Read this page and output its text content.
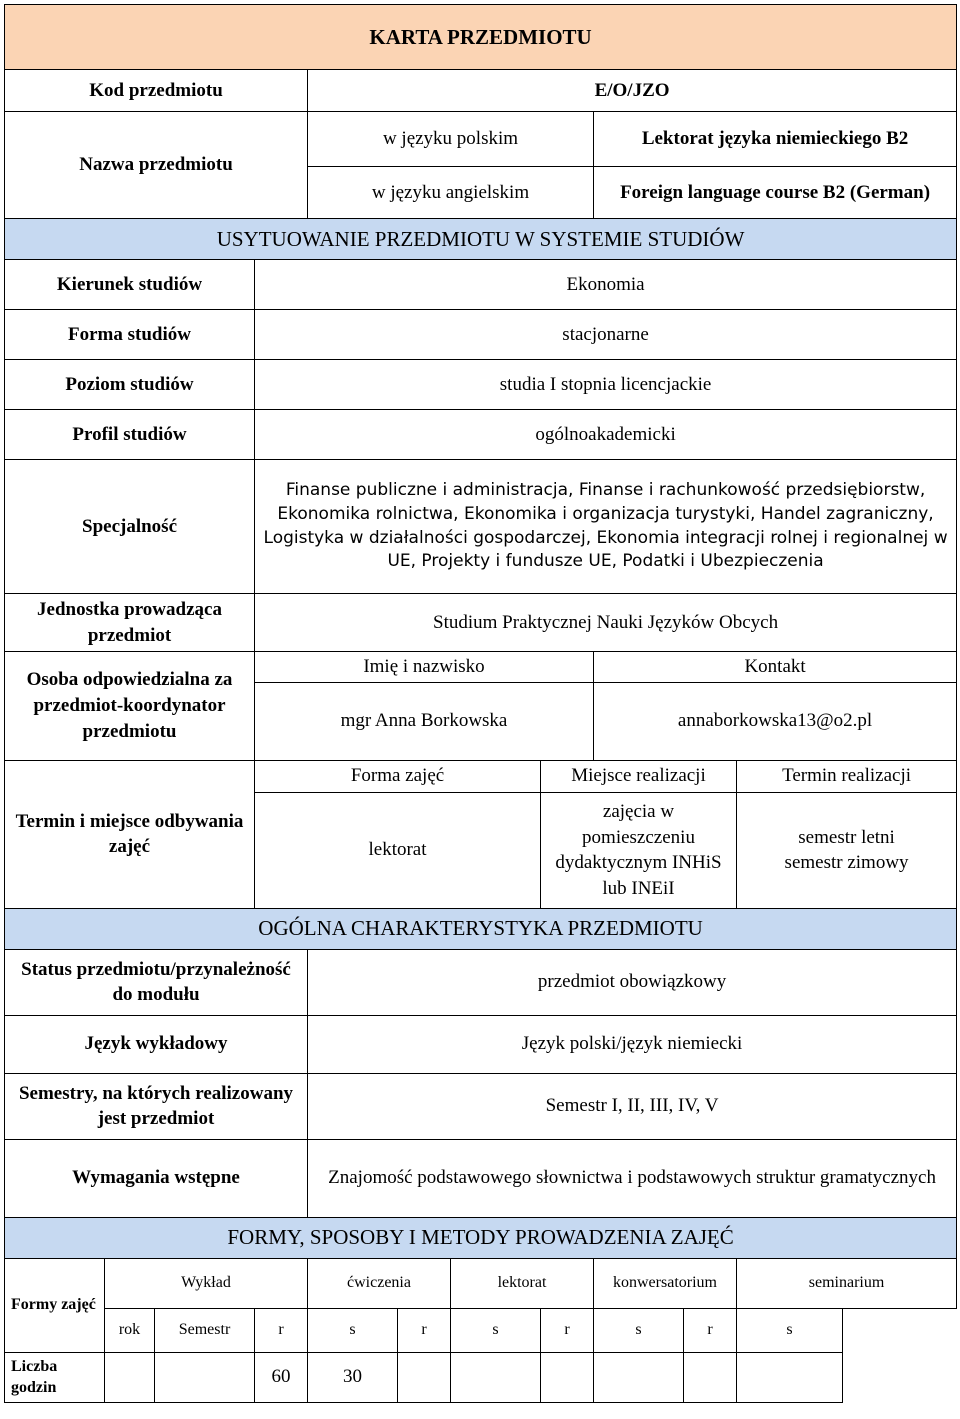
KARTA PRZEDMIOTU										
Kod przedmiotu				E/O/JZO						
Nazwa przedmiotu				w języku polskim				Lektorat języka niemieckiego B2		
				w języku angielskim				Foreign language course B2 (German)		
USYTUOWANIE PRZEDMIOTU W SYSTEMIE STUDIÓW										
Kierunek studiów			Ekonomia							
Forma studiów			stacjonarne							
Poziom studiów			studia I stopnia licencjackie							
Profil studiów			ogólnoakademicki							
Specjalność			Finanse publiczne i administracja, Finanse i rachunkowość przedsiębiorstw, Ekonomika rolnictwa, Ekonomika i organizacja turystyki, Handel zagraniczny, Logistyka w działalności gospodarczej, Ekonomia integracji rolnej i regionalnej w UE, Projekty i fundusze UE, Podatki i Ubezpieczenia							
Jednostka prowadząca przedmiot			Studium Praktycznej Nauki Języków Obcych							
Osoba odpowiedzialna za przedmiot-koordynator przedmiotu			Imię i nazwisko					Kontakt		
			mgr Anna Borkowska					annaborkowska13@o2.pl		
Termin i miejsce odbywania zajęć			Forma zajęć				Miejsce realizacji			Termin realizacji
			lektorat				zajęcia w pomieszczeniu dydaktycznym INHiS lub INEiI			semestr letni
semestr zimowy

OGÓLNA CHARAKTERYSTYKA PRZEDMIOTU										
Status przedmiotu/przynależność do modułu				przedmiot obowiązkowy						
Język wykładowy				Język polski/język niemiecki						
Semestry, na których realizowany jest przedmiot				Semestr I, II, III, IV, V						
Wymagania wstępne				Znajomość podstawowego słownictwa i podstawowych struktur gramatycznych						
FORMY, SPOSOBY I METODY PROWADZENIA ZAJĘĆ										
Formy zajęć	Wykład			ćwiczenia		lektorat		konwersatorium		seminarium
	rok	Semestr	r	s	r	s	r	s	r	s
Liczba godzin			60	30						
